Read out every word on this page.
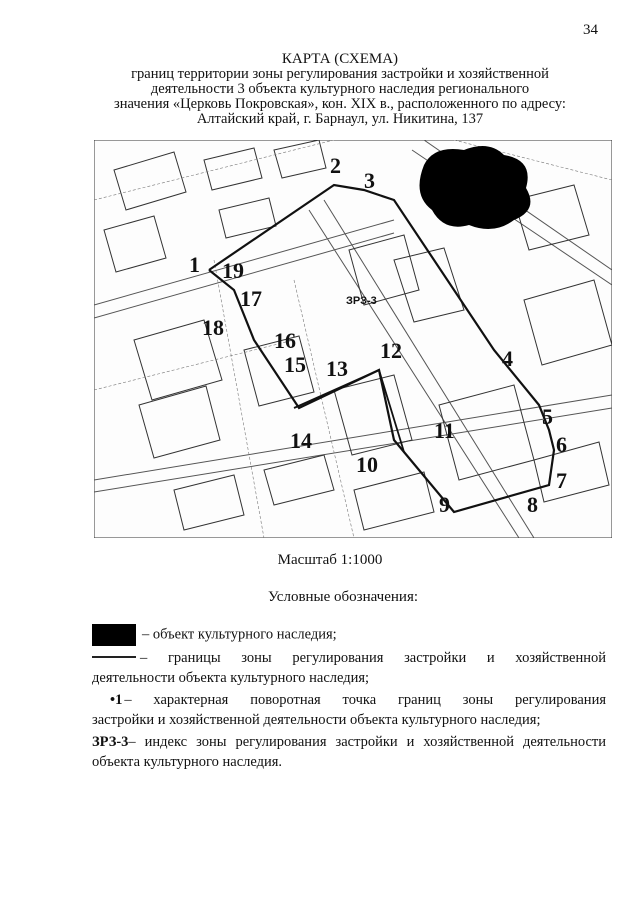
34
КАРТА (СХЕМА)
границ территории зоны регулирования застройки и хозяйственной
деятельности 3 объекта культурного наследия регионального
значения «Церковь Покровская», кон. XIX в., расположенного по адресу:
Алтайский край, г. Барнаул, ул. Никитина, 137
1
2
3
4
5
6
7
8
9
10
11
12
13
14
15
16
17
18
19
ЗРЗ-3
Масштаб 1:1000
Условные обозначения:

– объект культурного наследия;

– границы зоны регулирования застройки и хозяйственной

деятельности объекта культурного наследия;

•1 – характерная поворотная точка границ зоны регулирования

застройки и хозяйственной деятельности объекта культурного наследия;

ЗРЗ-3– индекс зоны регулирования застройки и хозяйственной деятельности

объекта культурного наследия.
